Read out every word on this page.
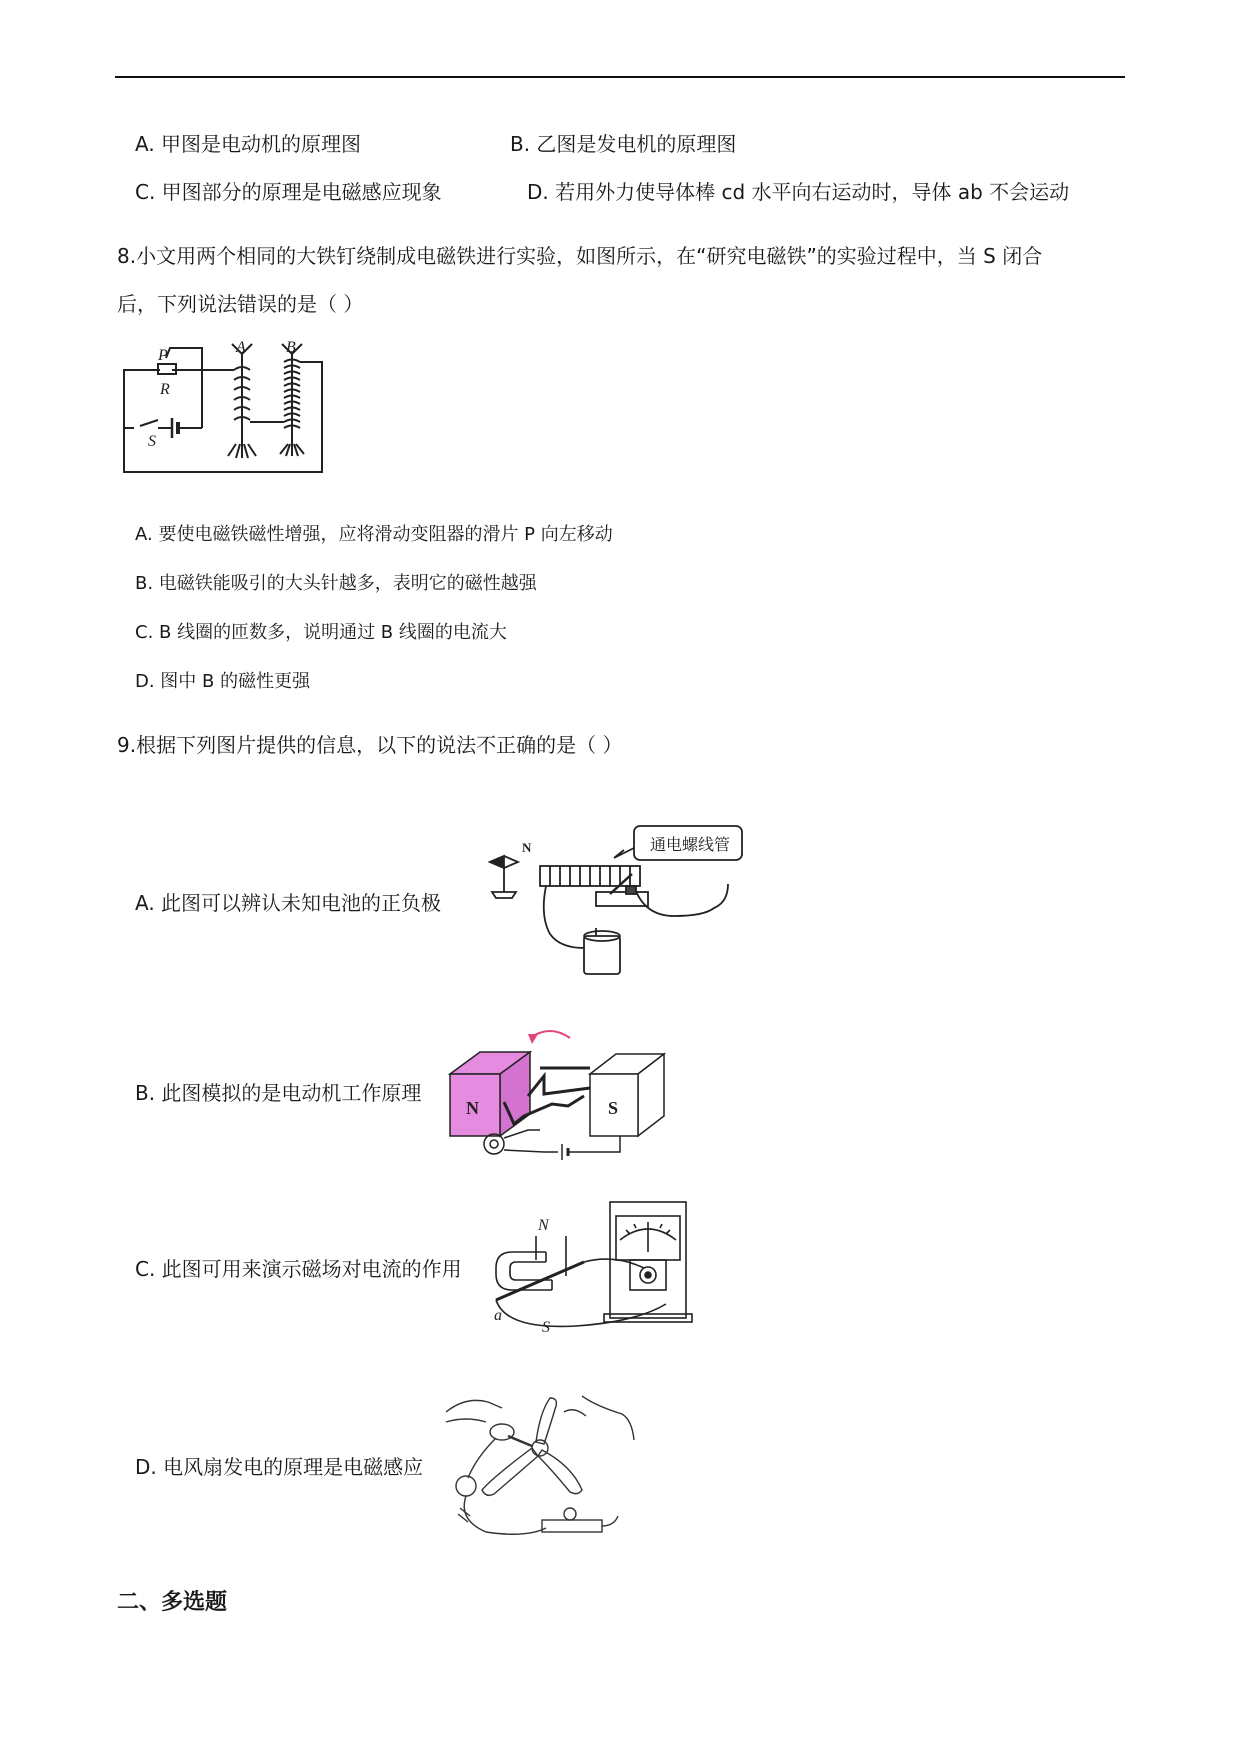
A. 甲图是电动机的原理图	B. 乙图是发电机的原理图
C. 甲图部分的原理是电磁感应现象	D. 若用外力使导体棒 cd 水平向右运动时，导体 ab 不会运动
8.小文用两个相同的大铁钉绕制成电磁铁进行实验，如图所示，在“研究电磁铁”的实验过程中，当 S 闭合
后，下列说法错误的是（ ）
P
R
S
A	B
A. 要使电磁铁磁性增强，应将滑动变阻器的滑片 P 向左移动
B. 电磁铁能吸引的大头针越多，表明它的磁性越强
C. B 线圈的匝数多，说明通过 B 线圈的电流大
D. 图中 B 的磁性更强
9.根据下列图片提供的信息，以下的说法不正确的是（ ）
A. 此图可以辨认未知电池的正负极
通电螺线管
N
B. 此图模拟的是电动机工作原理
N	S
C. 此图可用来演示磁场对电流的作用
N
S
a
D. 电风扇发电的原理是电磁感应
二、多选题
